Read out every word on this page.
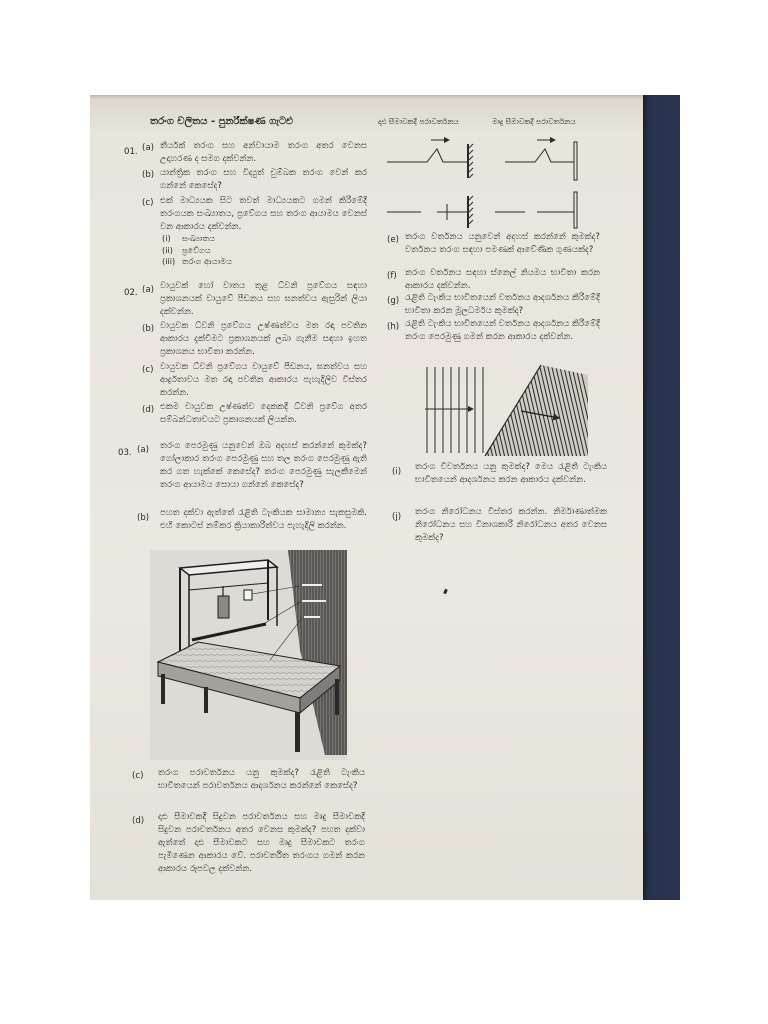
තරංග චලිතය - පුනරීක්ෂණ ගැටළු	දෘඪ සීමාවකදී පරාවර්තනය	මෘදු සීමාවකදී පරාවර්තනය
01. (a) තීර්යක් තරංග සහ අන්වායාම තරංග අතර වෙනස උදාහරණ ද සමග දක්වන්න.
(b) යාන්ත්‍රික තරංග සහ විද්‍යුත් චුම්බක තරංග වෙන් කර ගන්නේ කෙසේද?
(c) එක් මාධ්‍යයක සිට තවත් මාධ්‍යයකට ගමන් කිරීමේදී තරංගයක සංඛ්‍යාතය, ප්‍රවේගය සහ තරංග ආයාමය වෙනස් වන ආකාරය දක්වන්න.
(i) සංඛ්‍යාතය
(ii) ප්‍රවේගය
(iii) තරංග ආයාමය
02. (a) වායුවක් හෝ වාතය තුළ ධ්වනි ප්‍රවේගය සඳහා ප්‍රකාශනයක් වායුවේ පීඩනය සහ ඝනත්වය ඇසුරින් ලියා දක්වන්න.
(b) වායුවක ධ්වනි ප්‍රවේගය උෂ්ණත්වය මත රඳා පවතින ආකාරය දැක්වීමට ප්‍රකාශනයක් ලබා ගැනීම සඳහා ඉහත ප්‍රකාශනය භාවිතා කරන්න.
(c) වායුවක ධ්වනි ප්‍රවේගය වායුවේ පීඩනය, ඝනත්වය සහ ආර්ද්‍රතාවය මත රඳා පවතින ආකාරය පැහැදිලිව විස්තර කරන්න.
(d) එකම වායුවක උෂ්ණත්ව දෙකකදී ධ්වනි ප්‍රවේග අතර සම්බන්ධතාවයට ප්‍රකාශනයක් ලියන්න.
03. (a) තරංග පෙරමුණු යනුවෙන් ඔබ අදහස් කරන්නේ කුමක්ද? ගෝලාකාර තරංග පෙරමුණු සහ තල තරංග පෙරමුණු ඇති කර ගත හැක්කේ කෙසේද? තරංග පෙරමුණු සැලකීමෙන් තරංග ආයාමය සොයා ගන්නේ කෙසේද?
(b) පහත දක්වා ඇත්තේ රැළිති ටැංකියක සාමාන්‍ය සැකසුමකි. එහි කොටස් නම්කර ක්‍රියාකාරීත්වය පැහැදිලි කරන්න.
(c) තරංග පරාවර්තනය යනු කුමක්ද? රැළිති ටැංකිය භාවිතයෙන් පරාවර්තනය ආදර්ශනය කරන්නේ කෙසේද?
(d) දෘඪ සීමාවකදී සිදුවන පරාවර්තනය සහ මෘදු සීමාවකදී සිදුවන පරාවර්තනය අතර වෙනස කුමක්ද? පහත දක්වා ඇත්තේ දෘඪ සීමාවකට සහ මෘදු සීමාවකට තරංග පැමිණෙන ආකාරය වේ. පරාවර්තිත තරංගය ගමන් කරන ආකාරය රූපවල දක්වන්න.
(e) තරංග වර්තනය යනුවෙන් අදහස් කරන්නේ කුමක්ද? වර්තනය තරංග සඳහා පමණක් ආවේණික ගුණයක්ද?
(f) තරංග වර්තනය සඳහා ස්නෙල් නියමය භාවිතා කරන ආකාරය දක්වන්න.
(g) රැළිති ටැංකිය භාවිතයෙන් වර්තනය ආදර්ශනය කිරීමේදී භාවිතා කරන මූලධර්මය කුමක්ද?
(h) රැළිති ටැංකිය භාවිතයෙන් වර්තනය ආදර්ශනය කිරීමේදී තරංග පෙරමුණු ගමන් කරන ආකාරය දක්වන්න.
(i) තරංග විවර්තනය යනු කුමක්ද? මෙය රැළිති ටැංකිය භාවිතයෙන් ආදර්ශනය කරන ආකාරය දක්වන්න.
(j) තරංග නිරෝධනය විස්තර කරන්න. නිර්මාණාත්මක නිරෝධනය සහ විනාශකාරී නිරෝධනය අතර වෙනස කුමක්ද?
